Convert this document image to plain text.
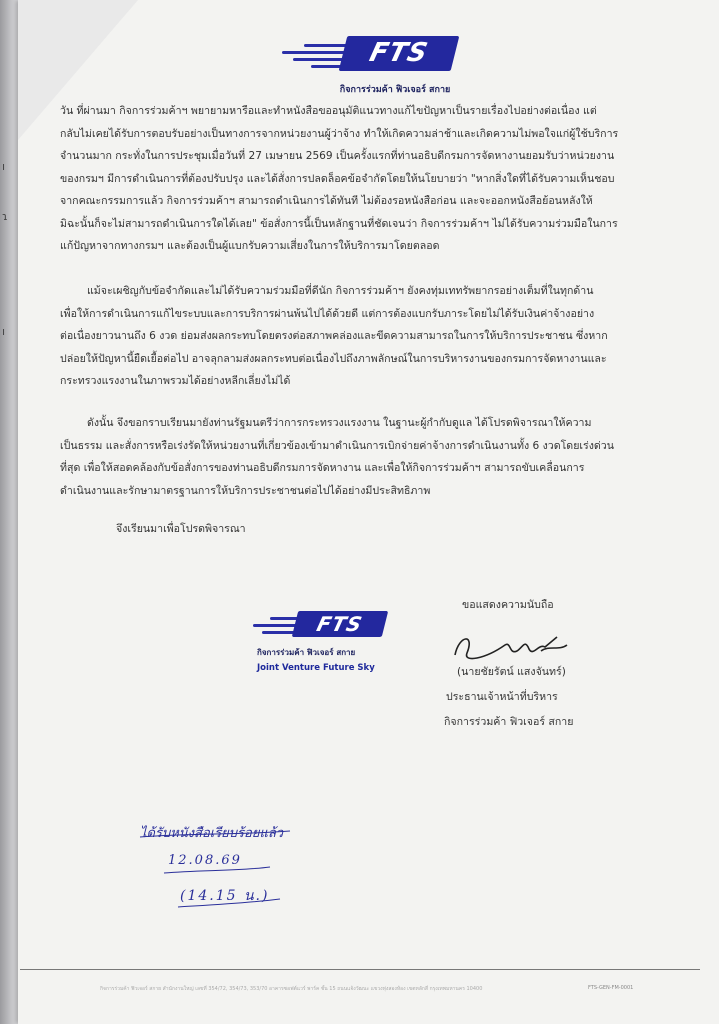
ı
ɿ
ı
FTS
กิจการร่วมค้า ฟิวเจอร์ สกาย
วัน ที่ผ่านมา กิจการร่วมค้าฯ พยายามหารือและทำหนังสือขออนุมัติแนวทางแก้ไขปัญหาเป็นรายเรื่องไปอย่างต่อเนื่อง แต่
กลับไม่เคยได้รับการตอบรับอย่างเป็นทางการจากหน่วยงานผู้ว่าจ้าง ทำให้เกิดความล่าช้าและเกิดความไม่พอใจแก่ผู้ใช้บริการ
จำนวนมาก กระทั่งในการประชุมเมื่อวันที่ 27 เมษายน 2569 เป็นครั้งแรกที่ท่านอธิบดีกรมการจัดหางานยอมรับว่าหน่วยงาน
ของกรมฯ มีการดำเนินการที่ต้องปรับปรุง และได้สั่งการปลดล็อคข้อจำกัดโดยให้นโยบายว่า "หากสิ่งใดที่ได้รับความเห็นชอบ
จากคณะกรรมการแล้ว กิจการร่วมค้าฯ สามารถดำเนินการได้ทันที ไม่ต้องรอหนังสือก่อน และจะออกหนังสือย้อนหลังให้
มิฉะนั้นก็จะไม่สามารถดำเนินการใดได้เลย" ข้อสั่งการนี้เป็นหลักฐานที่ชัดเจนว่า กิจการร่วมค้าฯ ไม่ได้รับความร่วมมือในการ
แก้ปัญหาจากทางกรมฯ และต้องเป็นผู้แบกรับความเสี่ยงในการให้บริการมาโดยตลอด
แม้จะเผชิญกับข้อจำกัดและไม่ได้รับความร่วมมือที่ดีนัก กิจการร่วมค้าฯ ยังคงทุ่มเททรัพยากรอย่างเต็มที่ในทุกด้าน
เพื่อให้การดำเนินการแก้ไขระบบและการบริการผ่านพ้นไปได้ด้วยดี แต่การต้องแบกรับภาระโดยไม่ได้รับเงินค่าจ้างอย่าง
ต่อเนื่องยาวนานถึง 6 งวด ย่อมส่งผลกระทบโดยตรงต่อสภาพคล่องและขีดความสามารถในการให้บริการประชาชน ซึ่งหาก
ปล่อยให้ปัญหานี้ยืดเยื้อต่อไป อาจลุกลามส่งผลกระทบต่อเนื่องไปถึงภาพลักษณ์ในการบริหารงานของกรมการจัดหางานและ
กระทรวงแรงงานในภาพรวมได้อย่างหลีกเลี่ยงไม่ได้
ดังนั้น จึงขอกราบเรียนมายังท่านรัฐมนตรีว่าการกระทรวงแรงงาน ในฐานะผู้กำกับดูแล ได้โปรดพิจารณาให้ความ
เป็นธรรม และสั่งการหรือเร่งรัดให้หน่วยงานที่เกี่ยวข้องเข้ามาดำเนินการเบิกจ่ายค่าจ้างการดำเนินงานทั้ง 6 งวดโดยเร่งด่วน
ที่สุด เพื่อให้สอดคล้องกับข้อสั่งการของท่านอธิบดีกรมการจัดหางาน และเพื่อให้กิจการร่วมค้าฯ สามารถขับเคลื่อนการ
ดำเนินงานและรักษามาตรฐานการให้บริการประชาชนต่อไปได้อย่างมีประสิทธิภาพ
จึงเรียนมาเพื่อโปรดพิจารณา
FTS
กิจการร่วมค้า ฟิวเจอร์ สกาย
Joint Venture Future Sky
ขอแสดงความนับถือ
(นายชัยรัตน์ แสงจันทร์)
ประธานเจ้าหน้าที่บริหาร
กิจการร่วมค้า ฟิวเจอร์ สกาย
ได้รับหนังสือเรียบร้อยแล้ว
12.08.69
(14.15 น.)
กิจการร่วมค้า ฟิวเจอร์ สกาย สำนักงานใหญ่ เลขที่ 354/72, 354/73, 353/70 อาคารซอฟต์แวร์ พาร์ค ชั้น 15 ถนนแจ้งวัฒนะ แขวงทุ่งสองห้อง เขตหลักสี่ กรุงเทพมหานคร 10400	FTS-GEN-FM-0001
